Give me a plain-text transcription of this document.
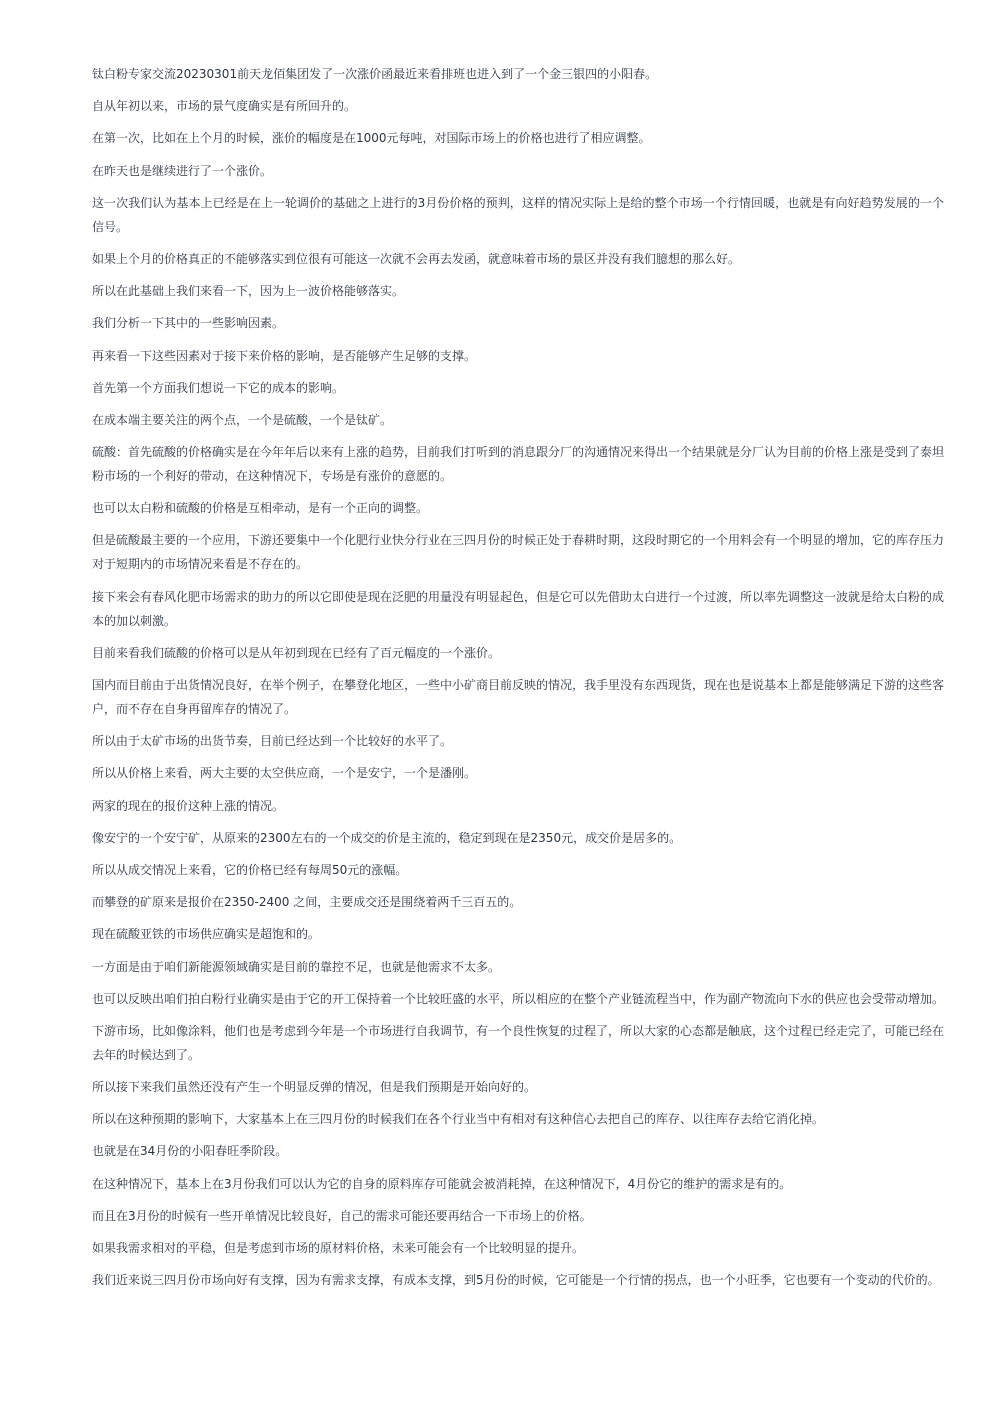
钛白粉专家交流20230301前天龙佰集团发了一次涨价函最近来看排班也进入到了一个金三银四的小阳春。

自从年初以来，市场的景气度确实是有所回升的。

在第一次，比如在上个月的时候，涨价的幅度是在1000元每吨，对国际市场上的价格也进行了相应调整。

在昨天也是继续进行了一个涨价。

这一次我们认为基本上已经是在上一轮调价的基础之上进行的3月份价格的预判，这样的情况实际上是给的整个市场一个行情回暖，也就是有向好趋势发展的一个信号。

如果上个月的价格真正的不能够落实到位很有可能这一次就不会再去发函，就意味着市场的景区并没有我们臆想的那么好。

所以在此基础上我们来看一下，因为上一波价格能够落实。

我们分析一下其中的一些影响因素。

再来看一下这些因素对于接下来价格的影响，是否能够产生足够的支撑。

首先第一个方面我们想说一下它的成本的影响。

在成本端主要关注的两个点，一个是硫酸，一个是钛矿。

硫酸：首先硫酸的价格确实是在今年年后以来有上涨的趋势，目前我们打听到的消息跟分厂的沟通情况来得出一个结果就是分厂认为目前的价格上涨是受到了泰坦粉市场的一个利好的带动，在这种情况下，专场是有涨价的意愿的。

也可以太白粉和硫酸的价格是互相牵动，是有一个正向的调整。

但是硫酸最主要的一个应用，下游还要集中一个化肥行业快分行业在三四月份的时候正处于春耕时期，这段时期它的一个用料会有一个明显的增加，它的库存压力对于短期内的市场情况来看是不存在的。

接下来会有春风化肥市场需求的助力的所以它即使是现在泛肥的用量没有明显起色，但是它可以先借助太白进行一个过渡，所以率先调整这一波就是给太白粉的成本的加以刺激。

目前来看我们硫酸的价格可以是从年初到现在已经有了百元幅度的一个涨价。

国内而目前由于出货情况良好，在举个例子，在攀登化地区，一些中小矿商目前反映的情况，我手里没有东西现货，现在也是说基本上都是能够满足下游的这些客户，而不存在自身再留库存的情况了。

所以由于太矿市场的出货节奏，目前已经达到一个比较好的水平了。

所以从价格上来看，两大主要的太空供应商，一个是安宁，一个是潘刚。

两家的现在的报价这种上涨的情况。

像安宁的一个安宁矿，从原来的2300左右的一个成交的价是主流的，稳定到现在是2350元，成交价是居多的。

所以从成交情况上来看，它的价格已经有每周50元的涨幅。

而攀登的矿原来是报价在2350-2400 之间，主要成交还是围绕着两千三百五的。

现在硫酸亚铁的市场供应确实是超饱和的。

一方面是由于咱们新能源领域确实是目前的靠控不足，也就是他需求不太多。

也可以反映出咱们拍白粉行业确实是由于它的开工保持着一个比较旺盛的水平，所以相应的在整个产业链流程当中，作为副产物流向下水的供应也会受带动增加。

下游市场，比如像涂料，他们也是考虑到今年是一个市场进行自我调节，有一个良性恢复的过程了，所以大家的心态都是触底，这个过程已经走完了，可能已经在去年的时候达到了。

所以接下来我们虽然还没有产生一个明显反弹的情况，但是我们预期是开始向好的。

所以在这种预期的影响下，大家基本上在三四月份的时候我们在各个行业当中有相对有这种信心去把自己的库存、以往库存去给它消化掉。

也就是在34月份的小阳春旺季阶段。

在这种情况下，基本上在3月份我们可以认为它的自身的原料库存可能就会被消耗掉，在这种情况下，4月份它的维护的需求是有的。

而且在3月份的时候有一些开单情况比较良好，自己的需求可能还要再结合一下市场上的价格。

如果我需求相对的平稳，但是考虑到市场的原材料价格，未来可能会有一个比较明显的提升。

我们近来说三四月份市场向好有支撑，因为有需求支撑，有成本支撑，到5月份的时候，它可能是一个行情的拐点，也一个小旺季，它也要有一个变动的代价的。
